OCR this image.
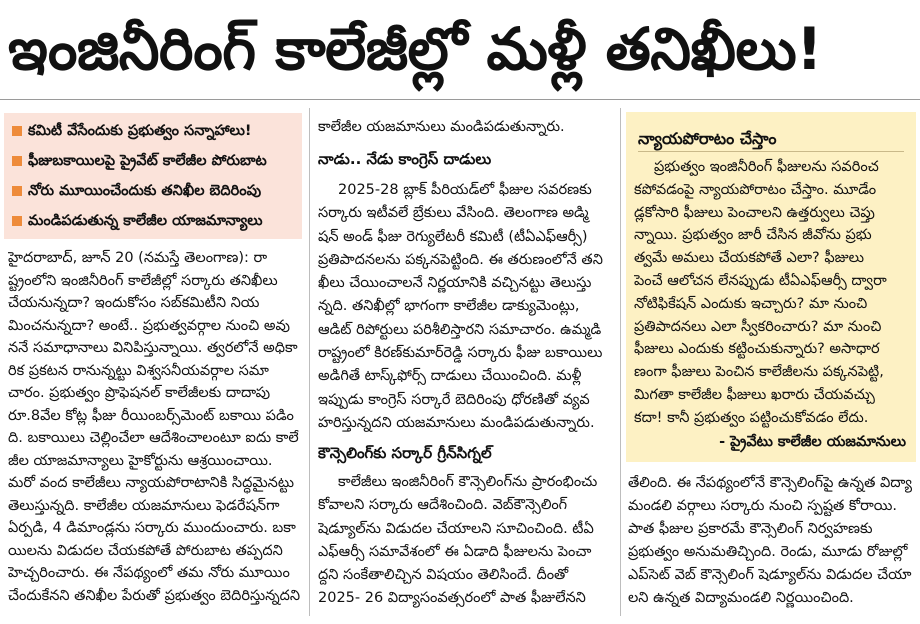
ఇంజినీరింగ్ కాలేజీల్లో మళ్లీ తనిఖీలు!
కమిటీ వేసేందుకు ప్రభుత్వం సన్నాహాలు!
ఫీజుబకాయిలపై ప్రైవేట్ కాలేజీల పోరుబాట
నోరు మూయించేందుకు తనిఖీల బెదిరింపు
మండిపడుతున్న కాలేజీల యాజమాన్యాలు
హైదరాబాద్, జూన్ 20 (నమస్తే తెలంగాణ): రా
ష్ట్రంలోని ఇంజినీరింగ్ కాలేజీల్లో సర్కారు తనిఖీలు
చేయనున్నదా? ఇందుకోసం సబ్‌కమిటీని నియ
మించనున్నదా? అంటే.. ప్రభుత్వవర్గాల నుంచి అవు
ననే సమాధానాలు వినిపిస్తున్నాయి. త్వరలోనే అధికా
రిక ప్రకటన రానున్నట్టు విశ్వసనీయవర్గాల సమా
చారం. ప్రభుత్వం ప్రొఫెషనల్ కాలేజీలకు దాదాపు
రూ.8వేల కోట్ల ఫీజు రీయింబర్స్‌మెంట్ బకాయి పడిం
ది. బకాయిలు చెల్లించేలా ఆదేశించాలంటూ ఐదు కాలే
జీల యాజమాన్యాలు హైకోర్టును ఆశ్రయించాయి.
మరో వంద కాలేజీలు న్యాయపోరాటానికి సిద్ధమైనట్టు
తెలుస్తున్నది. కాలేజీల యజమానులు ఫెడరేషన్‌గా
ఏర్పడి, 4 డిమాండ్లను సర్కారు ముందుంచారు. బకా
యిలను విడుదల చేయకపోతే పోరుబాట తప్పదని
హెచ్చరించారు. ఈ నేపథ్యంలో తమ నోరు మూయిం
చేందుకేనని తనిఖీల పేరుతో ప్రభుత్వం బెదిరిస్తున్నదని
కాలేజీల యజమానులు మండిపడుతున్నారు.
నాడు.. నేడు కాంగ్రెస్ దాడులు
2025-28 బ్లాక్ పీరియడ్‌లో ఫీజుల సవరణకు
సర్కారు ఇటీవలే బ్రేకులు వేసింది. తెలంగాణ అడ్మి
షన్ అండ్ ఫీజు రెగ్యులేటరీ కమిటీ (టీఏఎఫ్ఆర్సీ)
ప్రతిపాదనలను పక్కనపెట్టింది. ఈ తరుణంలోనే తని
ఖీలు చేయించాలనే నిర్ణయానికి వచ్చినట్టు తెలుస్తు
న్నది. తనిఖీల్లో భాగంగా కాలేజీల డాక్యుమెంట్లు,
ఆడిట్ రిపోర్టులు పరిశీలిస్తారని సమాచారం. ఉమ్మడి
రాష్ట్రంలో కిరణ్‌కుమార్‌రెడ్డి సర్కారు ఫీజు బకాయిలు
అడిగితే టాస్క్‌ఫోర్స్ దాడులు చేయించింది. మళ్లీ
ఇప్పుడు కాంగ్రెస్ సర్కారే బెదిరింపు ధోరణితో వ్యవ
హరిస్తున్నదని యజమానులు మండిపడుతున్నారు.
కౌన్సెలింగ్‌కు సర్కార్ గ్రీన్‌సిగ్నల్
కాలేజీలు ఇంజినీరింగ్ కౌన్సెలింగ్‌ను ప్రారంభించు
కోవాలని సర్కారు ఆదేశించింది. వెబ్‌కౌన్సెలింగ్
షెడ్యూల్‌ను విడుదల చేయాలని సూచించింది. టీఏ
ఎఫ్ఆర్సీ సమావేశంలో ఈ ఏడాది ఫీజులను పెంచా
ద్దని సంకేతాలిచ్చిన విషయం తెలిసిందే. దీంతో
2025- 26 విద్యాసంవత్సరంలో పాత ఫీజులేనని
న్యాయపోరాటం చేస్తాం
ప్రభుత్వం ఇంజినీరింగ్ ఫీజులను సవరించ
కపోవడంపై న్యాయపోరాటం చేస్తాం. మూడేం
డ్లకోసారి ఫీజులు పెంచాలని ఉత్తర్వులు చెప్తు
న్నాయి. ప్రభుత్వం జారీ చేసిన జీవోను ప్రభు
త్వమే అమలు చేయకపోతే ఎలా? ఫీజులు
పెంచే ఆలోచన లేనప్పుడు టీఏఎఫ్ఆర్సీ ద్వారా
నోటిఫికేషన్ ఎందుకు ఇచ్చారు? మా నుంచి
ప్రతిపాదనలు ఎలా స్వీకరించారు? మా నుంచి
ఫీజులు ఎందుకు కట్టించుకున్నారు? అసాధార
ణంగా ఫీజులు పెంచిన కాలేజీలను పక్కనపెట్టి,
మిగతా కాలేజీల ఫీజులు ఖరారు చేయవచ్చు
కదా! కానీ ప్రభుత్వం పట్టించుకోవడం లేదు.
- ప్రైవేటు కాలేజీల యజమానులు
తేలింది. ఈ నేపథ్యంలోనే కౌన్సెలింగ్‌పై ఉన్నత విద్యా
మండలి వర్గాలు సర్కారు నుంచి స్పష్టత కోరాయి.
పాత ఫీజుల ప్రకారమే కౌన్సెలింగ్ నిర్వహణకు
ప్రభుత్వం అనుమతిచ్చింది. రెండు, మూడు రోజుల్లో
ఎప్‌సెట్ వెబ్ కౌన్సెలింగ్ షెడ్యూల్‌ను విడుదల చేయా
లని ఉన్నత విద్యామండలి నిర్ణయించింది.
